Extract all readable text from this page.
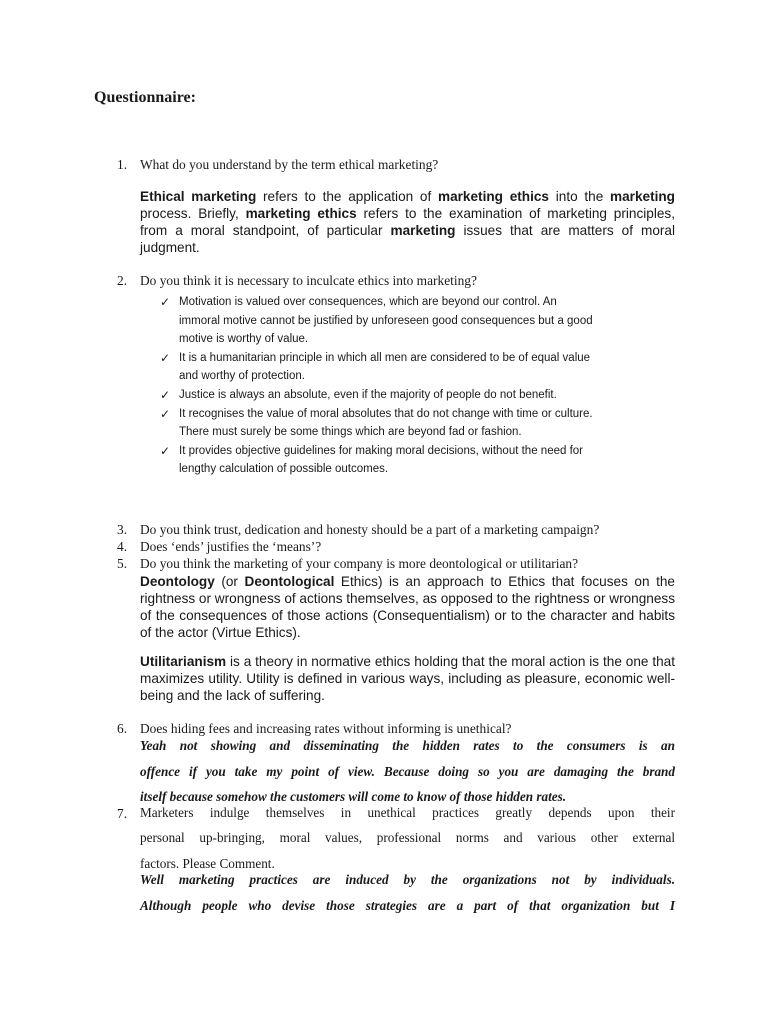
Questionnaire:
1. What do you understand by the term ethical marketing?
Ethical marketing refers to the application of marketing ethics into the marketing process. Briefly, marketing ethics refers to the examination of marketing principles, from a moral standpoint, of particular marketing issues that are matters of moral judgment.
2. Do you think it is necessary to inculcate ethics into marketing?
✓ Motivation is valued over consequences, which are beyond our control. An immoral motive cannot be justified by unforeseen good consequences but a good motive is worthy of value.
✓ It is a humanitarian principle in which all men are considered to be of equal value and worthy of protection.
✓ Justice is always an absolute, even if the majority of people do not benefit.
✓ It recognises the value of moral absolutes that do not change with time or culture. There must surely be some things which are beyond fad or fashion.
✓ It provides objective guidelines for making moral decisions, without the need for lengthy calculation of possible outcomes.
3. Do you think trust, dedication and honesty should be a part of a marketing campaign?
4. Does ‘ends’ justifies the ‘means’?
5. Do you think the marketing of your company is more deontological or utilitarian?
Deontology (or Deontological Ethics) is an approach to Ethics that focuses on the rightness or wrongness of actions themselves, as opposed to the rightness or wrongness of the consequences of those actions (Consequentialism) or to the character and habits of the actor (Virtue Ethics).
Utilitarianism is a theory in normative ethics holding that the moral action is the one that maximizes utility. Utility is defined in various ways, including as pleasure, economic well-being and the lack of suffering.
6. Does hiding fees and increasing rates without informing is unethical?
Yeah not showing and disseminating the hidden rates to the consumers is an
offence if you take my point of view. Because doing so you are damaging the brand
itself because somehow the customers will come to know of those hidden rates.
7. Marketers indulge themselves in unethical practices greatly depends upon their
personal up-bringing, moral values, professional norms and various other external
factors. Please Comment.
Well marketing practices are induced by the organizations not by individuals.
Although people who devise those strategies are a part of that organization but I
